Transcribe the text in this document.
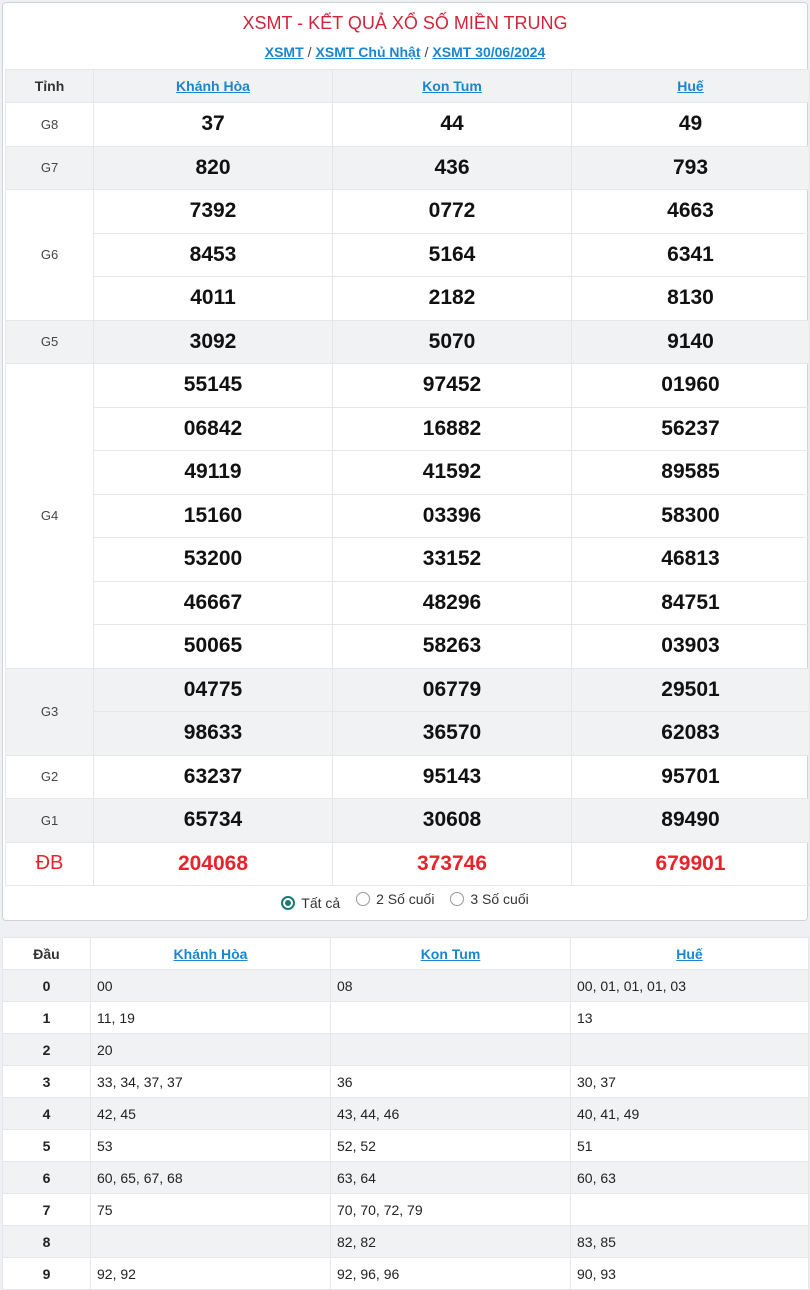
XSMT - KẾT QUẢ XỔ SỐ MIỀN TRUNG
XSMT / XSMT Chủ Nhật / XSMT 30/06/2024
Tỉnh	Khánh Hòa	Kon Tum	Huế
G8	37	44	49
G7	820	436	793
G6	7392	0772	4663
	8453	5164	6341
	4011	2182	8130
G5	3092	5070	9140
G4	55145	97452	01960
	06842	16882	56237
	49119	41592	89585
	15160	03396	58300
	53200	33152	46813
	46667	48296	84751
	50065	58263	03903
G3	04775	06779	29501
	98633	36570	62083
G2	63237	95143	95701
G1	65734	30608	89490
ĐB	204068	373746	679901
Tất cả
	2 Số cuối
	3 Số cuối
Đầu	Khánh Hòa	Kon Tum	Huế
0	00	08	00, 01, 01, 01, 03
1	11, 19		13
2	20		
3	33, 34, 37, 37	36	30, 37
4	42, 45	43, 44, 46	40, 41, 49
5	53	52, 52	51
6	60, 65, 67, 68	63, 64	60, 63
7	75	70, 70, 72, 79	
8		82, 82	83, 85
9	92, 92	92, 96, 96	90, 93
